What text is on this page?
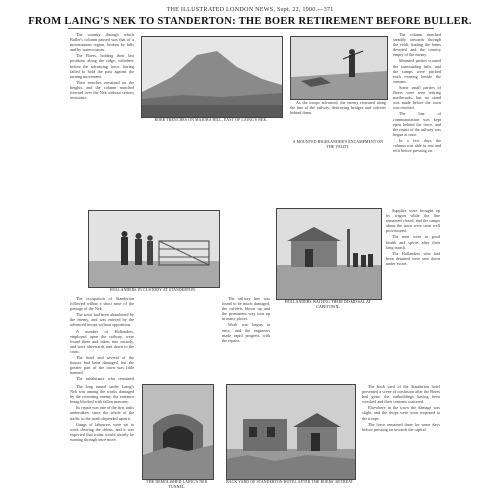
THE ILLUSTRATED LONDON NEWS, Sept. 22, 1900.—371
FROM LAING'S NEK TO STANDERTON: THE BOER RETIREMENT BEFORE BULLER.

The country through which Buller's column passed was that of a mountainous region, broken by hills and by watercourses.

The Boers, holding their last positions along the ridge, withdrew before the advancing force, having failed to hold the pass against the turning movement.

Their trenches remained on the heights, and the column marched forward over the Nek without serious resistance.

As the troops advanced, the enemy retreated along the line of the railway, destroying bridges and culverts behind them.

The column marched steadily onwards through the veldt, finding the farms deserted and the country empty of the enemy.

Mounted parties scouted the surrounding hills, and the camps were pitched each evening beside the streams.

Some small parties of Boers were seen retiring northwards, but no stand was made before the town was reached.

The line of communication was kept open behind the force, and the repair of the railway was begun at once.

In a few days the column was able to rest and refit before pressing on.

BOER TRENCHES ON MAJUBA HILL, EAST OF LAING'S NEK.
A MOUNTED HIGHLANDER'S ENCAMPMENT ON THE VELDT.
HOLLANDERS IN CUSTODY AT STANDERTON.
HOLLANDERS WAITING THEIR DISMISSAL AT CAPETOWN.

The occupation of Standerton followed within a short time of the passage of the Nek.

The town had been abandoned by the enemy, and was entered by the advanced troops without opposition.

A number of Hollanders, employed upon the railway, were found there and taken into custody, and were afterwards sent down to the coast.

The hotel and several of the houses had been damaged, but the greater part of the town was little harmed.

The inhabitants who remained

The railway line was found to be much damaged, the culverts blown up and the permanent way torn up in many places.

Work was begun at once, and the engineers made rapid progress with the repairs.

Supplies were brought up by wagon while the line remained closed, and the camps about the town were soon well provisioned.

The men were in good health and spirits after their long march.

The Hollanders who had been detained were sent down under escort.

THE DEMOLISHED LAING'S NEK TUNNEL.
BACK YARD OF STANDERTON HOTEL AFTER THE BOERS' RETREAT.

The long tunnel under Laing's Nek was among the works damaged by the retreating enemy, the entrance being blocked with fallen masonry.

Its repair was one of the first tasks undertaken, since the whole of the traffic to the north depended upon it.

Gangs of labourers were set to work clearing the debris, and it was expected that trains would shortly be running through once more.

The back yard of the Standerton hotel presented a scene of confusion after the Boers had gone, the outbuildings having been wrecked and their contents scattered.

Elsewhere in the town the damage was slight, and the shops were soon reopened to the troops.

The force remained there for some days before pressing on towards the capital.
